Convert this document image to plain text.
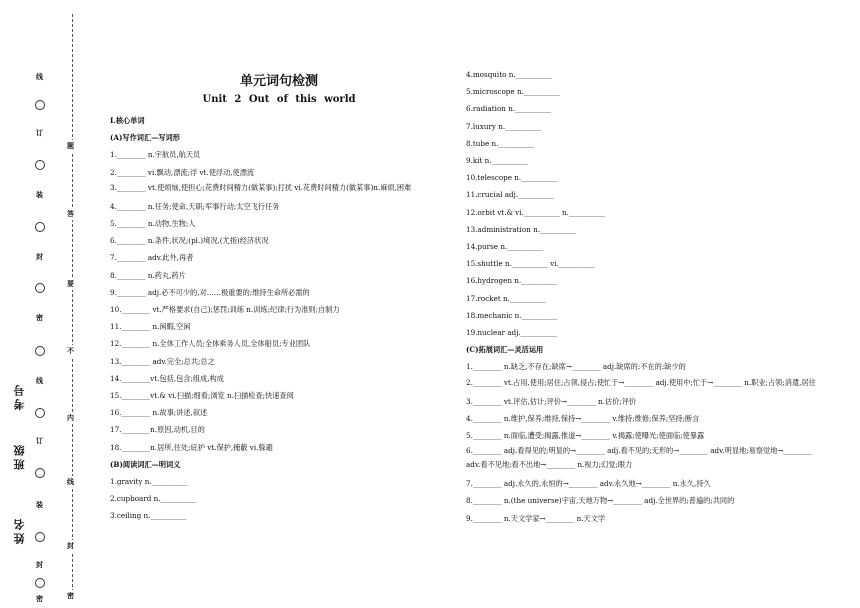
线
订
装
封
密
线
订
装
封
密
题
答
要
不
内
线
封
密
考号
班级
姓名
单元词句检测
Unit 2 Out of this world
Ⅰ.核心单词
(A)写作词汇—写词形
1.________ n.宇航员,航天员
2.________ vi.飘动,漂流;浮 vt.使浮动,使漂流
3.________ vt.使烦恼,使担心;花费时间精力(做某事);打扰 vi.花费时间精力(做某事)n.麻烦,困难
4.________ n.任务;使命,天职;军事行动;太空飞行任务
5.________ n.动物,生物;人
6.________ n.条件,状况;(pl.)境况,(尤指)经济状况
7.________ adv.此外,再者
8.________ n.药丸,药片
9.________ adj.必不可少的,对……极重要的;维持生命所必需的
10.________ vt.严格要求(自己);惩罚;训练 n.训练;纪律;行为准则;自制力
11.________ n.闲暇,空闲
12.________ n.全体工作人员;全体乘务人员,全体船员;专业团队
13.________ adv.完全;总共;总之
14.________vt.包括,包含;组成,构成
15.________vt.& vi.扫描;细看;浏览 n.扫描检查;快速查阅
16.________ n.故事;讲述,叙述
17.________n.原因,动机,目的
18.________n.居所,住处;庇护 vt.保护,掩蔽 vi.躲避
(B)阅读词汇—明词义
1.gravity n.__________
2.cupboard n.__________
3.ceiling n.__________
4.mosquito n.__________
5.microscope n.__________
6.radiation n.__________
7.luxury n.__________
8.tube n.__________
9.kit n.__________
10.telescope n.__________
11.crucial adj.__________
12.orbit vt.& vi.__________ n.__________
13.administration n.__________
14.purse n.__________
15.shuttle n.__________ vi.__________
16.hydrogen n.__________
17.rocket n.__________
18.mechanic n.__________
19.nuclear adj.__________
(C)拓展词汇—灵活运用
1.________ n.缺乏,不存在;缺席→________ adj.缺席的;不在的;缺少的
2.________ vt.占用,使用;居住;占领,侵占;使忙于→________ adj.使用中;忙于→________ n.职业;占领;消遣,居住
3.________ vt.评估,估计;评价→________ n.估价;评价
4.________ n.维护,保养;维持,保持→________ v.维持;维修;保养;坚持;断言
5.________ n.面临,遭受;揭露,推道→________ v.揭露;使曝光;使面临;使暴露
6.________ adj.看得见的;明显的→________ adj.看不见的;无形的→________ adv.明显地;易察觉地→________ adv.看不见地;看不出地→________ n.视力;幻觉;眼力
7.________ adj.永久的,永恒的→________ adv.永久地→________ n.永久,持久
8.________ n.(the universe)宇宙,天地万物→________ adj.全世界的;普遍的;共同的
9.________ n.天文学家→________ n.天文学
